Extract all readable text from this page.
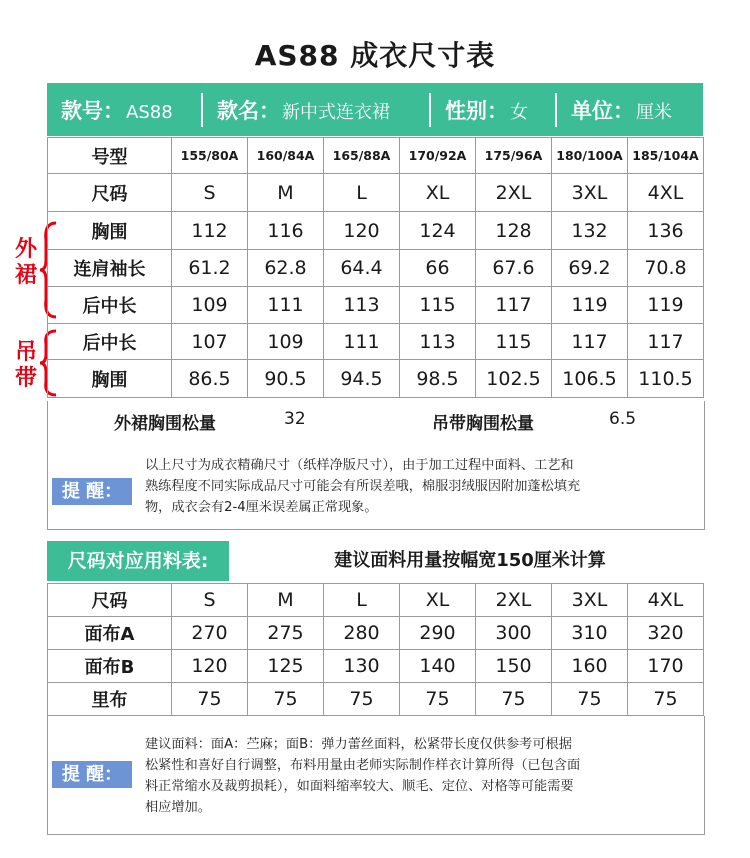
AS88 成衣尺寸表
款号： AS88 款名： 新中式连衣裙	性别： 女 单位： 厘米
外
裙
吊
带
号型	155/80A	160/84A	165/88A	170/92A	175/96A	180/100A	185/104A
尺码	S	M	L	XL	2XL	3XL	4XL
胸围	112	116	120	124	128	132	136
连肩袖长	61.2	62.8	64.4	66	67.6	69.2	70.8
后中长	109	111	113	115	117	119	119
后中长	107	109	111	113	115	117	117
胸围	86.5	90.5	94.5	98.5	102.5	106.5	110.5
外裙胸围松量	32	吊带胸围松量	6.5
提 醒：
以上尺寸为成衣精确尺寸（纸样净版尺寸），由于加工过程中面料、工艺和
熟练程度不同实际成品尺寸可能会有所误差哦，棉服羽绒服因附加蓬松填充
物，成衣会有2-4厘米误差属正常现象。
尺码对应用料表:	建议面料用量按幅宽150厘米计算
尺码	S	M	L	XL	2XL	3XL	4XL
面布A	270	275	280	290	300	310	320
面布B	120	125	130	140	150	160	170
里布	75	75	75	75	75	75	75
提 醒：
建议面料：面A：苎麻；面B：弹力蕾丝面料，松紧带长度仅供参考可根据
松紧性和喜好自行调整，布料用量由老师实际制作样衣计算所得（已包含面
料正常缩水及裁剪损耗），如面料缩率较大、顺毛、定位、对格等可能需要
相应增加。
